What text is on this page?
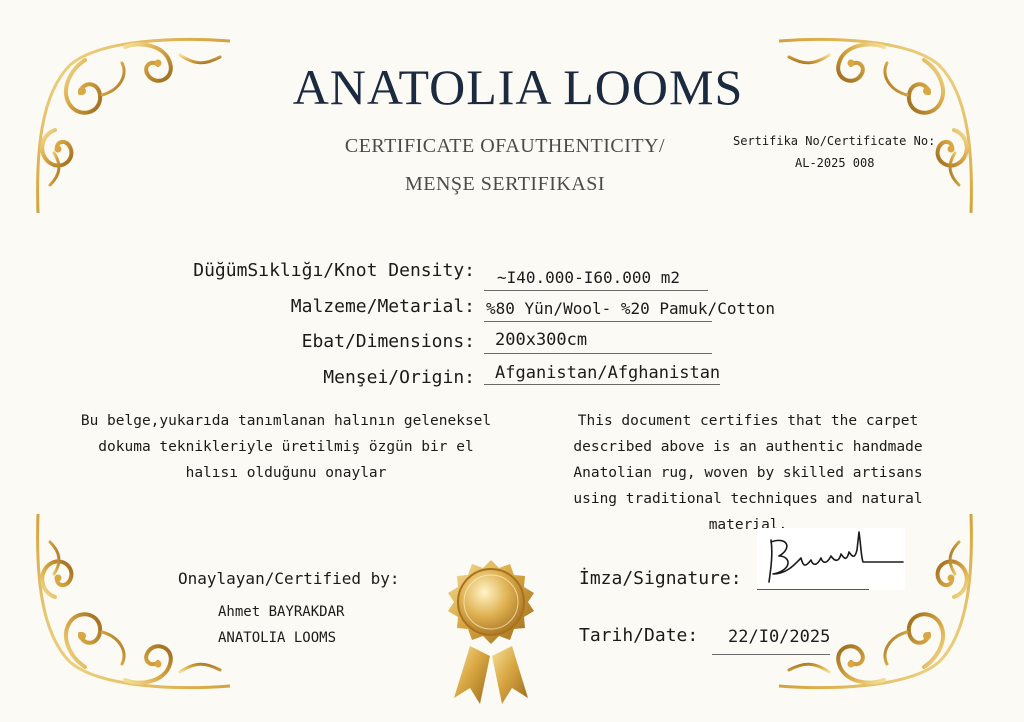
ANATOLIA LOOMS
CERTIFICATE OFAUTHENTICITY/
MENŞE SERTIFIKASI
Sertifika No/Certificate No:
AL-2025 008
DüğümSıklığı/Knot Density: ~I40.000-I60.000 m2
Malzeme/Metarial: %80 Yün/Wool- %20 Pamuk/Cotton
Ebat/Dimensions: 200x300cm
Menşei/Origin: Afganistan/Afghanistan
Bu belge,yukarıda tanımlanan halının geleneksel
dokuma teknikleriyle üretilmiş özgün bir el
halısı olduğunu onaylar
This document certifies that the carpet
described above is an authentic handmade
Anatolian rug, woven by skilled artisans
using traditional techniques and natural
material.
Onaylayan/Certified by:
Ahmet BAYRAKDAR
ANATOLIA LOOMS
İmza/Signature:
Tarih/Date: 22/I0/2025
